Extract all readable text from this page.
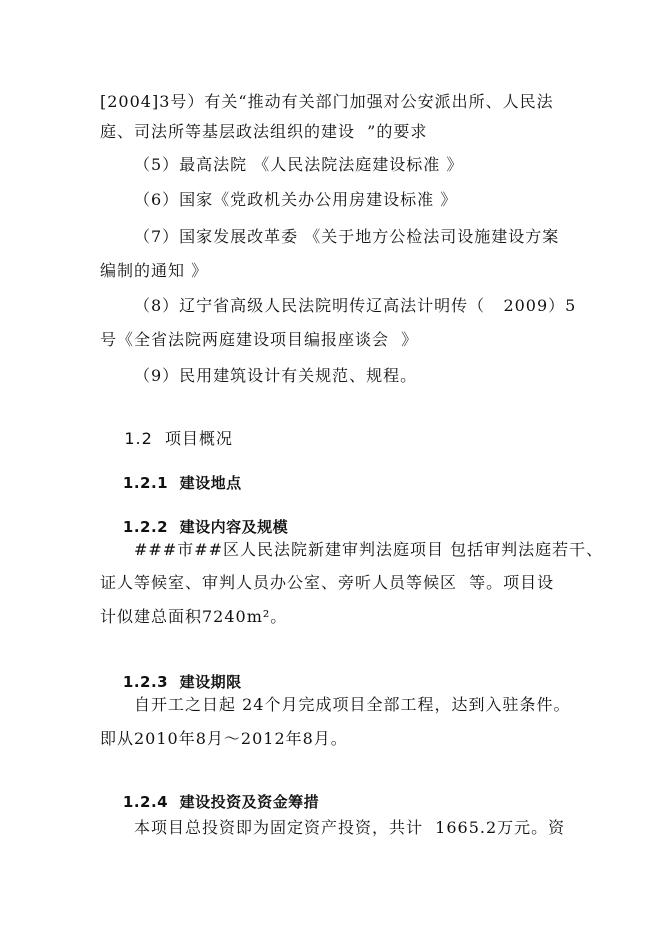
[2004]3号）有关“推动有关部门加强对公安派出所、人民法
庭、司法所等基层政法组织的建设  ”的要求
（5）最高法院 《人民法院法庭建设标准 》
（6）国家《党政机关办公用房建设标准 》
（7）国家发展改革委 《关于地方公检法司设施建设方案
编制的通知 》
（8）辽宁省高级人民法院明传辽高法计明传（   2009）5
号《全省法院两庭建设项目编报座谈会  》
（9）民用建筑设计有关规范、规程。

1.2 项目概况

1.2.1 建设地点

1.2.2 建设内容及规模

###市##区人民法院新建审判法庭项目 包括审判法庭若干、
证人等候室、审判人员办公室、旁听人员等候区  等。项目设
计似建总面积7240m²。

1.2.3 建设期限

自开工之日起 24个月完成项目全部工程，达到入驻条件。
即从2010年8月～2012年8月。

1.2.4 建设投资及资金筹措

本项目总投资即为固定资产投资，共计  1665.2万元。资
